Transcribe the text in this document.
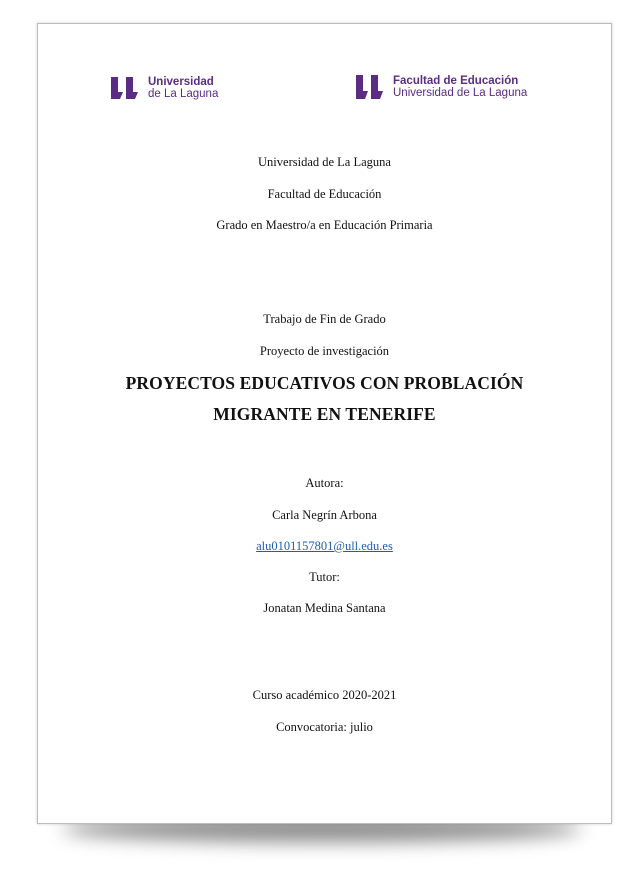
Universidad
de La Laguna
Facultad de Educación
Universidad de La Laguna
Universidad de La Laguna
Facultad de Educación
Grado en Maestro/a en Educación Primaria
Trabajo de Fin de Grado
Proyecto de investigación
PROYECTOS EDUCATIVOS CON PROBLACIÓN
MIGRANTE EN TENERIFE
Autora:
Carla Negrín Arbona
alu0101157801@ull.edu.es
Tutor:
Jonatan Medina Santana
Curso académico 2020-2021
Convocatoria: julio
